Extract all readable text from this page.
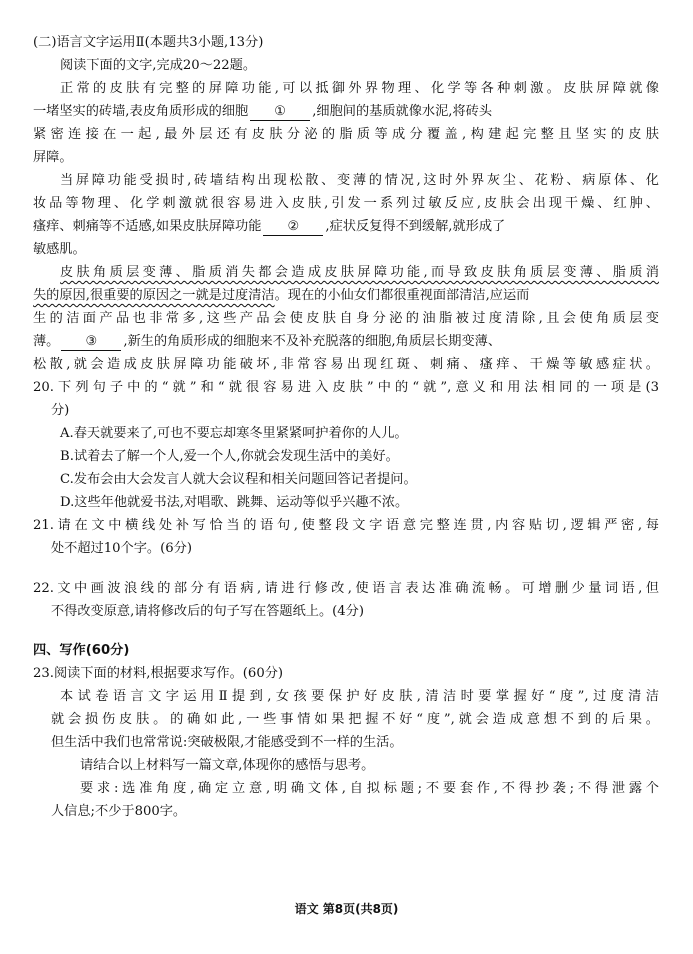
(二)语言文字运用Ⅱ(本题共3小题,13分)
阅读下面的文字,完成20～22题。
正常的皮肤有完整的屏障功能,可以抵御外界物理、化学等各种刺激。皮肤屏障就像
一堵坚实的砖墙,表皮角质形成的细胞 ① ,细胞间的基质就像水泥,将砖头
紧密连接在一起,最外层还有皮肤分泌的脂质等成分覆盖,构建起完整且坚实的皮肤
屏障。
当屏障功能受损时,砖墙结构出现松散、变薄的情况,这时外界灰尘、花粉、病原体、化
妆品等物理、化学刺激就很容易进入皮肤,引发一系列过敏反应,皮肤会出现干燥、红肿、
瘙痒、刺痛等不适感,如果皮肤屏障功能 ② ,症状反复得不到缓解,就形成了
敏感肌。
皮肤角质层变薄、脂质消失都会造成皮肤屏障功能,而导致皮肤角质层变薄、脂质消
失的原因,很重要的原因之一就是过度清洁。现在的小仙女们都很重视面部清洁,应运而
生的洁面产品也非常多,这些产品会使皮肤自身分泌的油脂被过度清除,且会使角质层变
薄。 ③ ,新生的角质形成的细胞来不及补充脱落的细胞,角质层长期变薄、
松散,就会造成皮肤屏障功能破坏,非常容易出现红斑、刺痛、瘙痒、干燥等敏感症状。
20.下列句子中的“就”和“就很容易进入皮肤”中的“就”,意义和用法相同的一项是(3
分)
A.春天就要来了,可也不要忘却寒冬里紧紧呵护着你的人儿。
B.试着去了解一个人,爱一个人,你就会发现生活中的美好。
C.发布会由大会发言人就大会议程和相关问题回答记者提问。
D.这些年他就爱书法,对唱歌、跳舞、运动等似乎兴趣不浓。
21.请在文中横线处补写恰当的语句,使整段文字语意完整连贯,内容贴切,逻辑严密,每
处不超过10个字。(6分)
22.文中画波浪线的部分有语病,请进行修改,使语言表达准确流畅。可增删少量词语,但
不得改变原意,请将修改后的句子写在答题纸上。(4分)
四、写作(60分)
23.阅读下面的材料,根据要求写作。(60分)
本试卷语言文字运用Ⅱ提到,女孩要保护好皮肤,清洁时要掌握好“度”,过度清洁
就会损伤皮肤。的确如此,一些事情如果把握不好“度”,就会造成意想不到的后果。
但生活中我们也常常说:突破极限,才能感受到不一样的生活。
请结合以上材料写一篇文章,体现你的感悟与思考。
要求:选准角度,确定立意,明确文体,自拟标题;不要套作,不得抄袭;不得泄露个
人信息;不少于800字。
语文 第8页(共8页)
